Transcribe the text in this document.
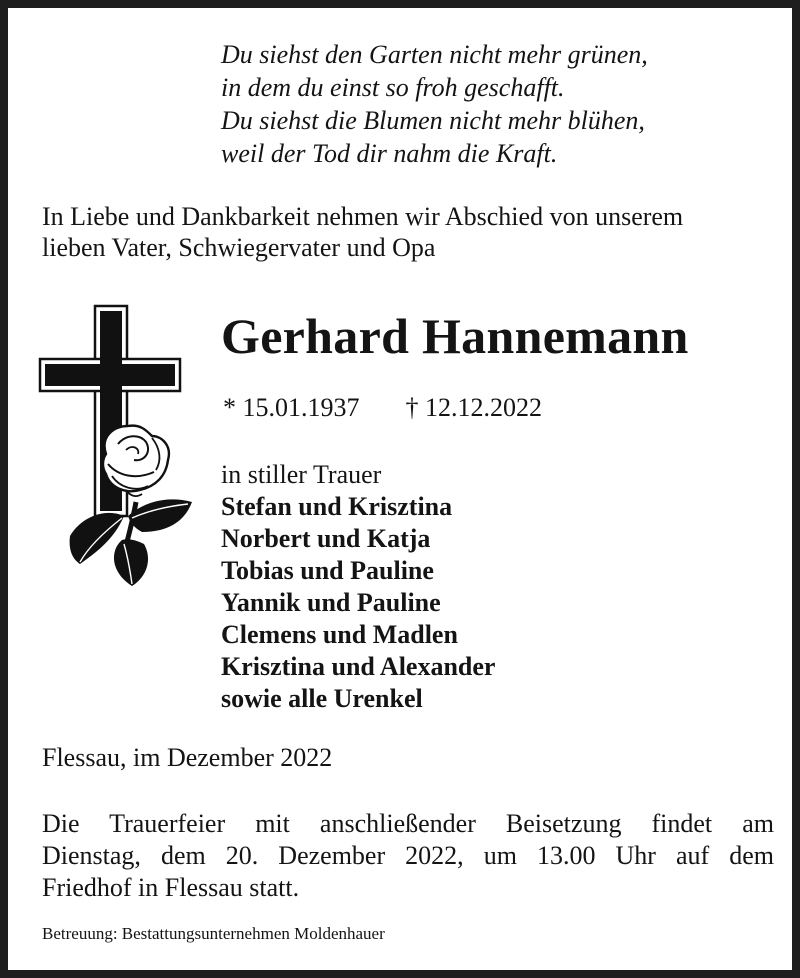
Du siehst den Garten nicht mehr grünen,
in dem du einst so froh geschafft.
Du siehst die Blumen nicht mehr blühen,
weil der Tod dir nahm die Kraft.
In Liebe und Dankbarkeit nehmen wir Abschied von unserem
lieben Vater, Schwiegervater und Opa
Gerhard Hannemann
* 15.01.1937 † 12.12.2022
in stiller Trauer
Stefan und Krisztina
Norbert und Katja
Tobias und Pauline
Yannik und Pauline
Clemens und Madlen
Krisztina und Alexander
sowie alle Urenkel
Flessau, im Dezember 2022
Die Trauerfeier mit anschließender Beisetzung findet am
Dienstag, dem 20. Dezember 2022, um 13.00 Uhr auf dem
Friedhof in Flessau statt.
Betreuung: Bestattungsunternehmen Moldenhauer
